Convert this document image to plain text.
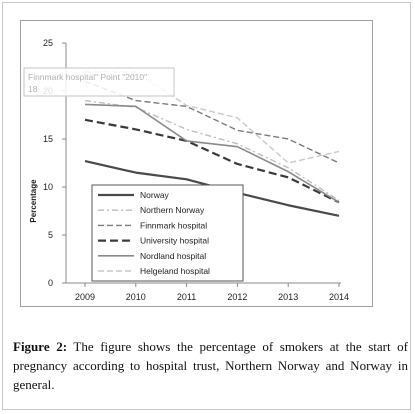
0
5
10
15
25
2009	2010	2011	2012	2013	2014
Percentage	Norway
Northern Norway
Finnmark hospital
University hospital
Nordland hospital
Helgeland hospital
Finnmark hospital" Point "2010"
18
Figure 2: The figure shows the percentage of smokers at the start of pregnancy according to hospital trust, Northern Norway and Norway in general.
